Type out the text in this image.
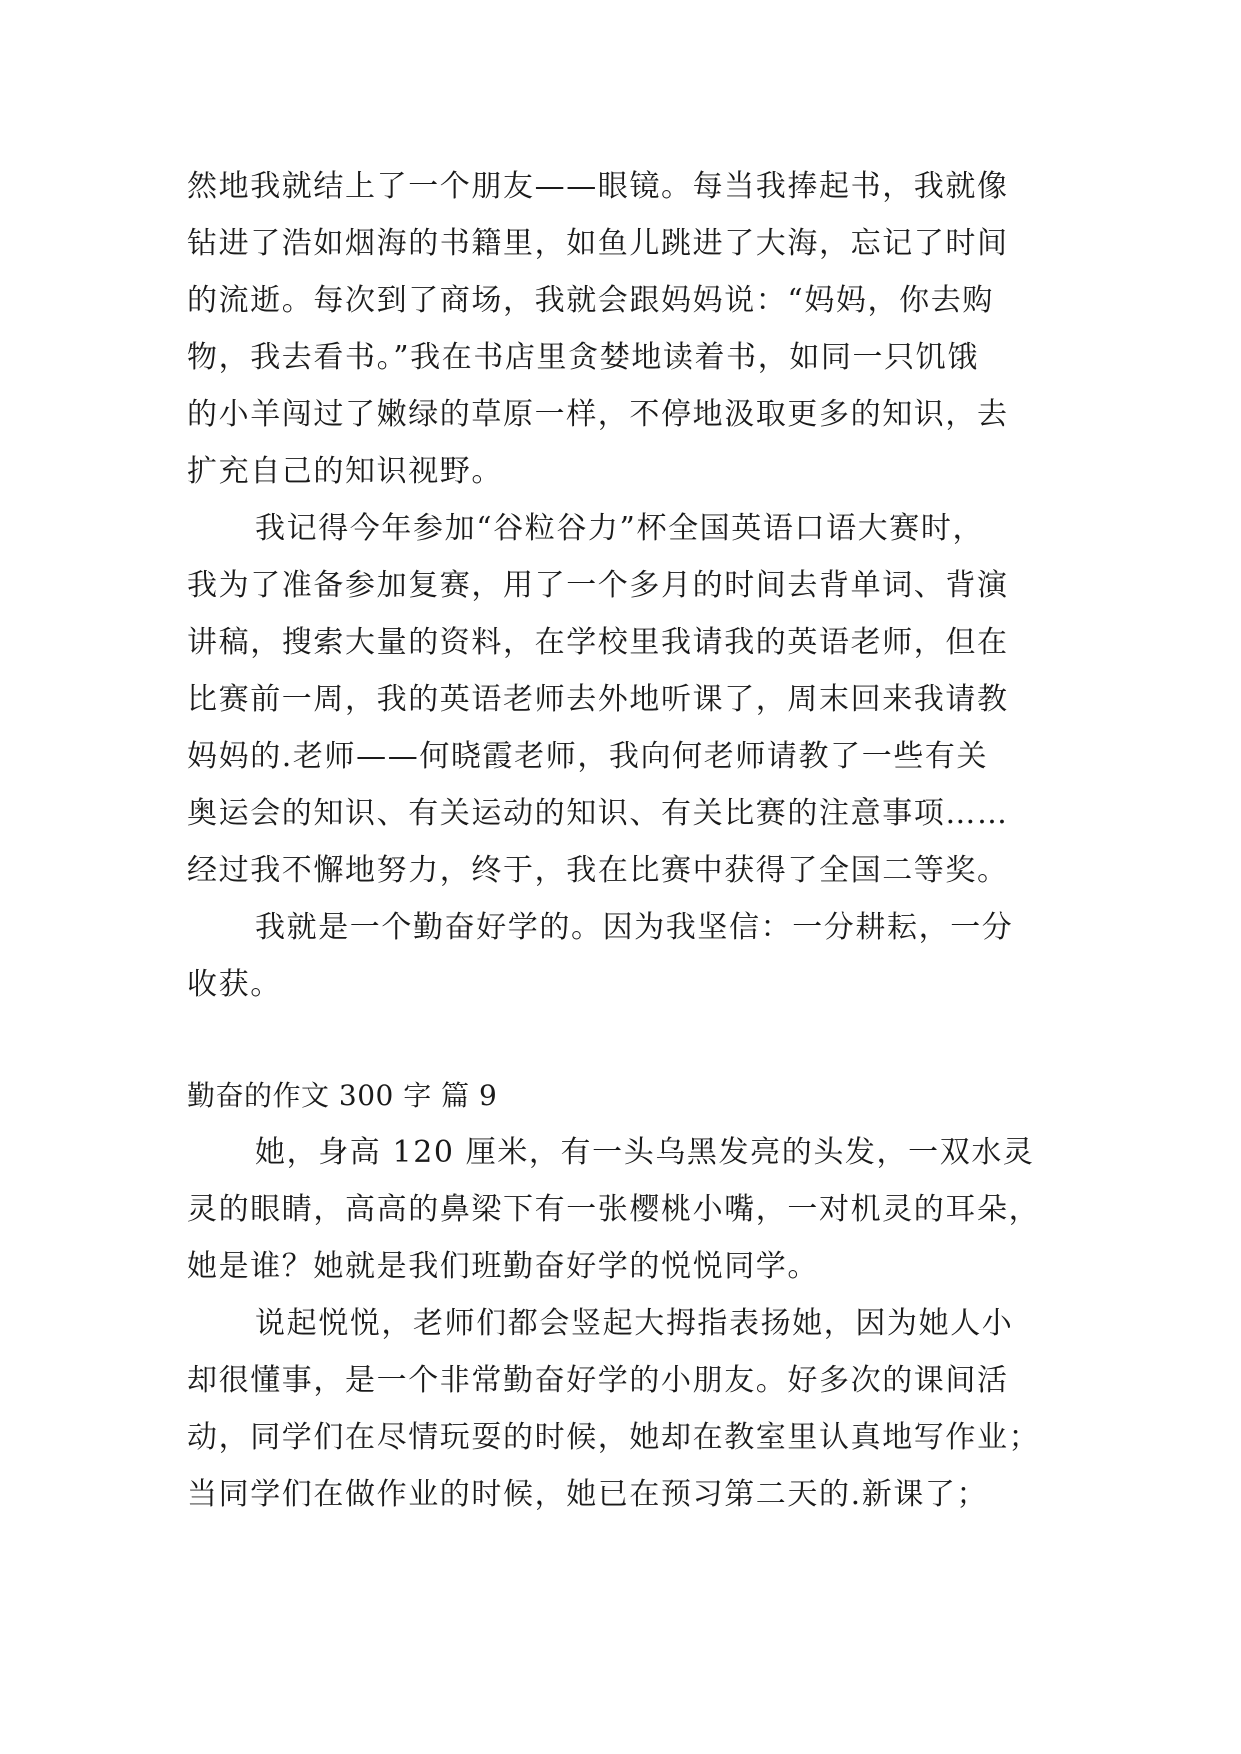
然地我就结上了一个朋友——眼镜。每当我捧起书，我就像
钻进了浩如烟海的书籍里，如鱼儿跳进了大海，忘记了时间
的流逝。每次到了商场，我就会跟妈妈说：“妈妈，你去购
物，我去看书。”我在书店里贪婪地读着书，如同一只饥饿
的小羊闯过了嫩绿的草原一样，不停地汲取更多的知识，去
扩充自己的知识视野。
我记得今年参加“谷粒谷力”杯全国英语口语大赛时，
我为了准备参加复赛，用了一个多月的时间去背单词、背演
讲稿，搜索大量的资料，在学校里我请我的英语老师，但在
比赛前一周，我的英语老师去外地听课了，周末回来我请教
妈妈的.老师——何晓霞老师，我向何老师请教了一些有关
奥运会的知识、有关运动的知识、有关比赛的注意事项……
经过我不懈地努力，终于，我在比赛中获得了全国二等奖。
我就是一个勤奋好学的。因为我坚信：一分耕耘，一分
收获。
勤奋的作文 300 字 篇 9
她，身高 120 厘米，有一头乌黑发亮的头发，一双水灵
灵的眼睛，高高的鼻梁下有一张樱桃小嘴，一对机灵的耳朵，
她是谁？她就是我们班勤奋好学的悦悦同学。
说起悦悦，老师们都会竖起大拇指表扬她，因为她人小
却很懂事，是一个非常勤奋好学的小朋友。好多次的课间活
动，同学们在尽情玩耍的时候，她却在教室里认真地写作业；
当同学们在做作业的时候，她已在预习第二天的.新课了；
